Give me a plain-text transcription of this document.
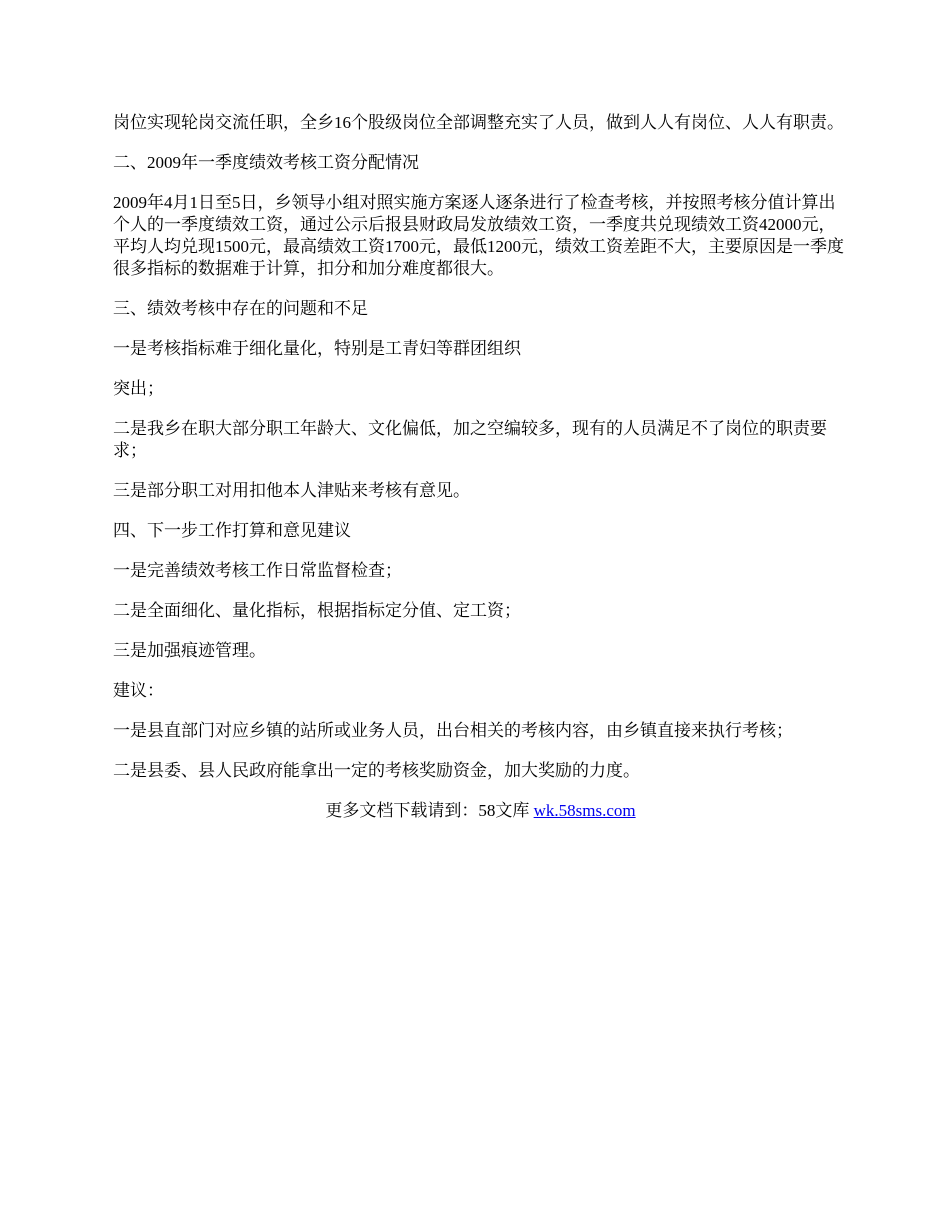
岗位实现轮岗交流任职，全乡16个股级岗位全部调整充实了人员，做到人人有岗位、人人有职责。

二、2009年一季度绩效考核工资分配情况

2009年4月1日至5日，乡领导小组对照实施方案逐人逐条进行了检查考核，并按照考核分值计算出个人的一季度绩效工资，通过公示后报县财政局发放绩效工资，一季度共兑现绩效工资42000元，平均人均兑现1500元，最高绩效工资1700元，最低1200元，绩效工资差距不大，主要原因是一季度很多指标的数据难于计算，扣分和加分难度都很大。

三、绩效考核中存在的问题和不足

一是考核指标难于细化量化，特别是工青妇等群团组织

突出；

二是我乡在职大部分职工年龄大、文化偏低，加之空编较多，现有的人员满足不了岗位的职责要求；

三是部分职工对用扣他本人津贴来考核有意见。

四、下一步工作打算和意见建议

一是完善绩效考核工作日常监督检查；

二是全面细化、量化指标，根据指标定分值、定工资；

三是加强痕迹管理。

建议：

一是县直部门对应乡镇的站所或业务人员，出台相关的考核内容，由乡镇直接来执行考核；

二是县委、县人民政府能拿出一定的考核奖励资金，加大奖励的力度。

更多文档下载请到：58文库 wk.58sms.com
